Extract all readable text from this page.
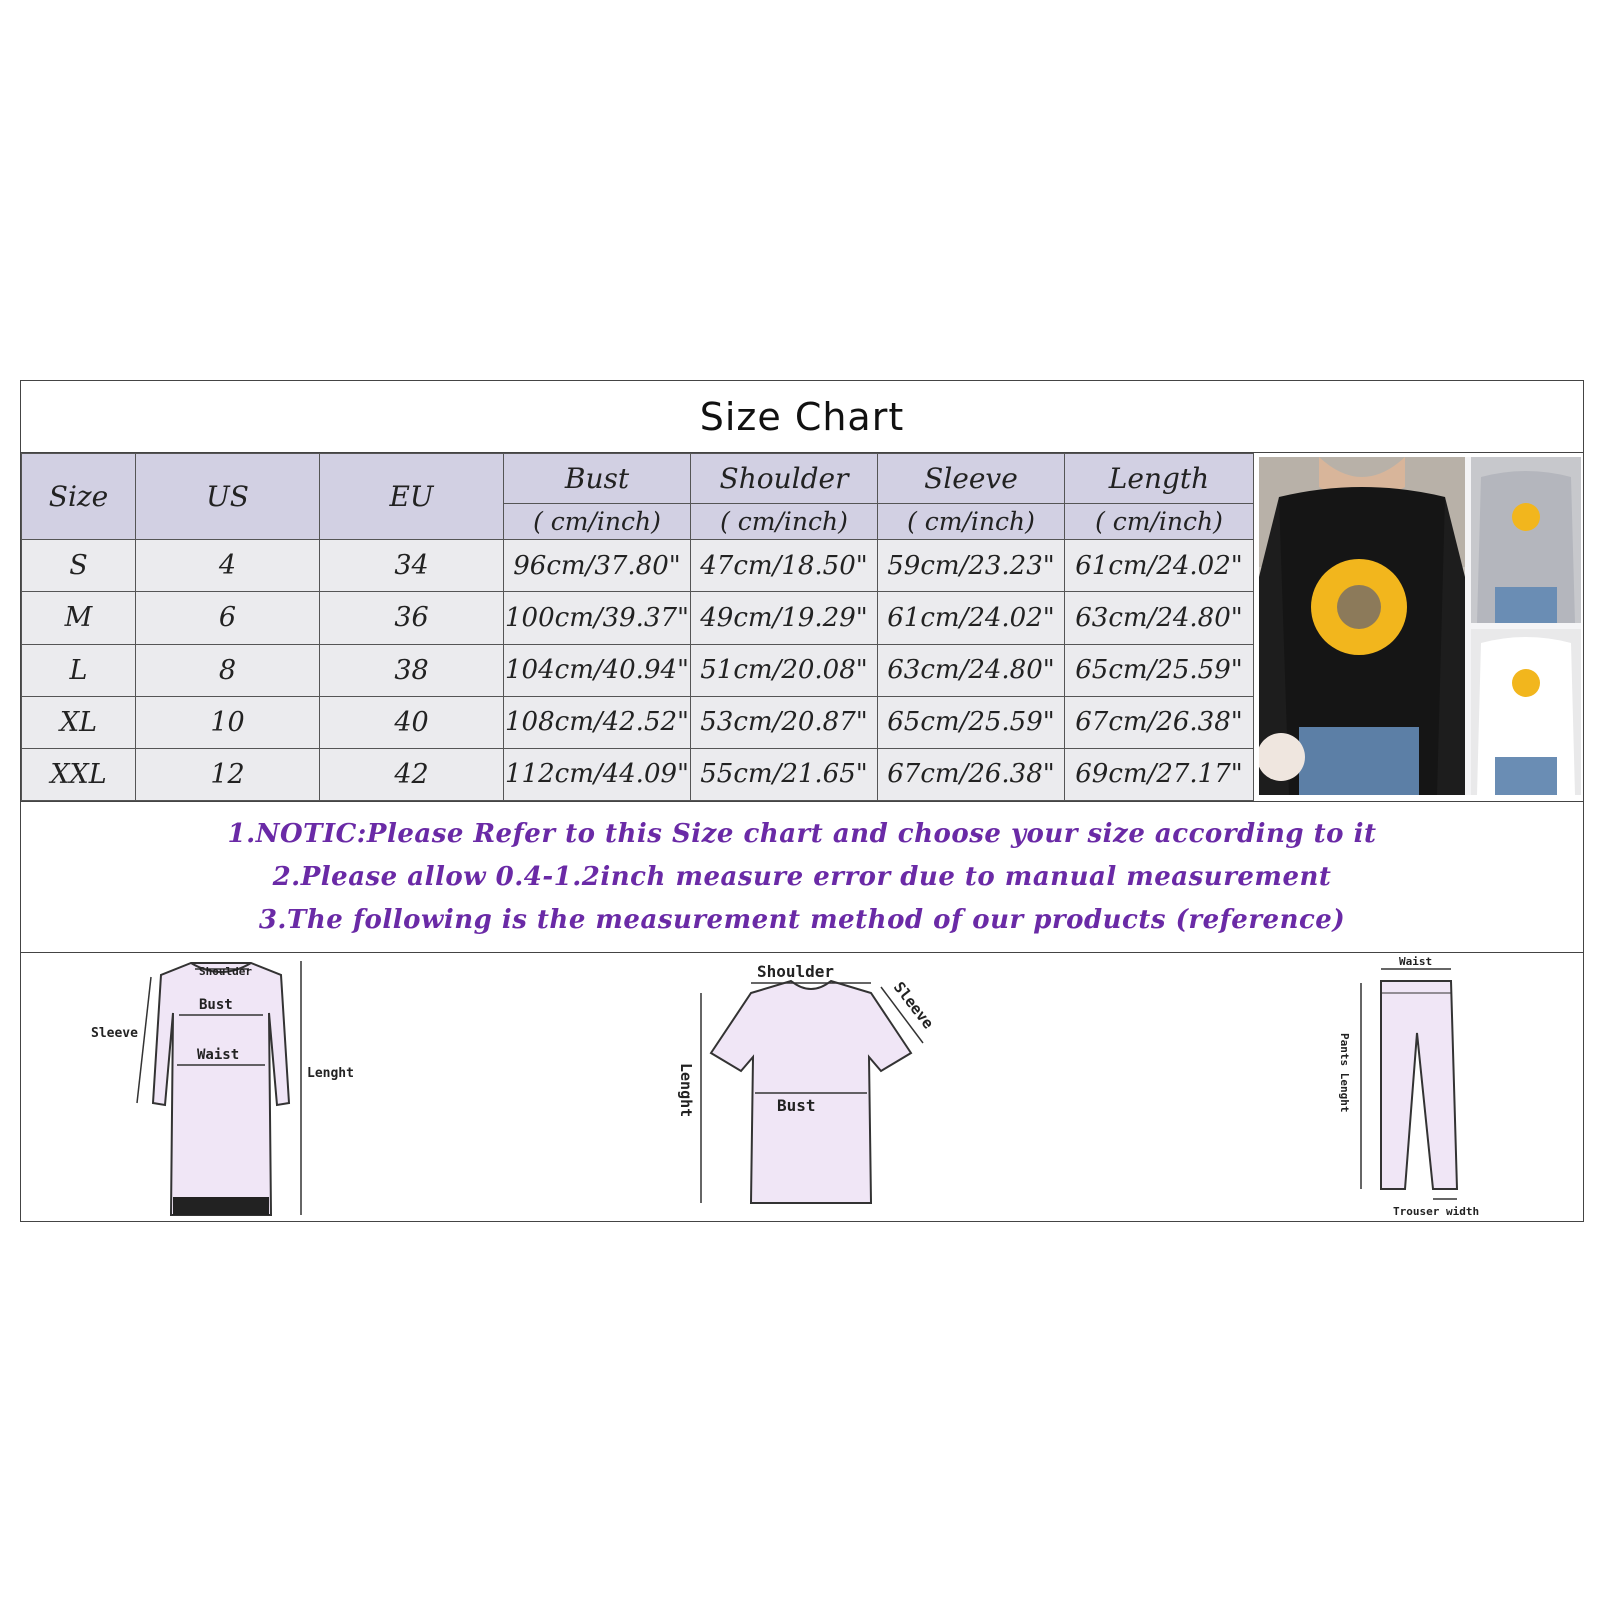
Size Chart
Size	US	EU	Bust	Shoulder	Sleeve	Length
			( cm/inch)	( cm/inch)	( cm/inch)	( cm/inch)
S	4	34	96cm/37.80"	47cm/18.50"	59cm/23.23"	61cm/24.02"
M	6	36	100cm/39.37"	49cm/19.29"	61cm/24.02"	63cm/24.80"
L	8	38	104cm/40.94"	51cm/20.08"	63cm/24.80"	65cm/25.59"
XL	10	40	108cm/42.52"	53cm/20.87"	65cm/25.59"	67cm/26.38"
XXL	12	42	112cm/44.09"	55cm/21.65"	67cm/26.38"	69cm/27.17"
1.NOTIC:Please Refer to this Size chart and choose your size according to it
2.Please allow 0.4-1.2inch measure error due to manual measurement
3.The following is the measurement method of our products (reference)
Shoulder
Bust
Waist
Sleeve
Lenght
Shoulder
Sleeve
Bust
Lenght
Waist
Pants Lenght
Trouser width
